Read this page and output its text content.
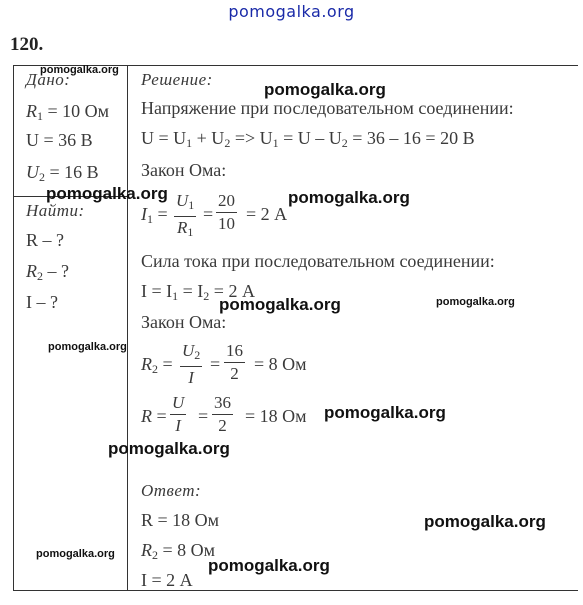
pomogalka.org
120.
Дано:
$R_1 = 10$ Ом
U = 36 В
$U_2 = 16$ В
Найти:
R – ?
$R_2$ – ?
I – ?
Решение:
Напряжение при последовательном соединении:
$U = U_1 + U_2 => U_1 = U - U_2 = 36 - 16 = 20$ В
Закон Ома:
$I_1 = \frac{U_1}{R_1} = \frac{20}{10} = 2$ А
Сила тока при последовательном соединении:
$I = I_1 = I_2 = 2$ А
Закон Ома:
$R_2 = \frac{U_2}{I} = \frac{16}{2} = 8$ Ом
$R = \frac{U}{I} = \frac{36}{2} = 18$ Ом
Ответ:
R = 18 Ом
$R_2 = 8$ Ом
I = 2 А
pomogalka.org
pomogalka.org
pomogalka.org	pomogalka.org
pomogalka.org	pomogalka.org
pomogalka.org
pomogalka.org
pomogalka.org
pomogalka.org
pomogalka.org
pomogalka.org
